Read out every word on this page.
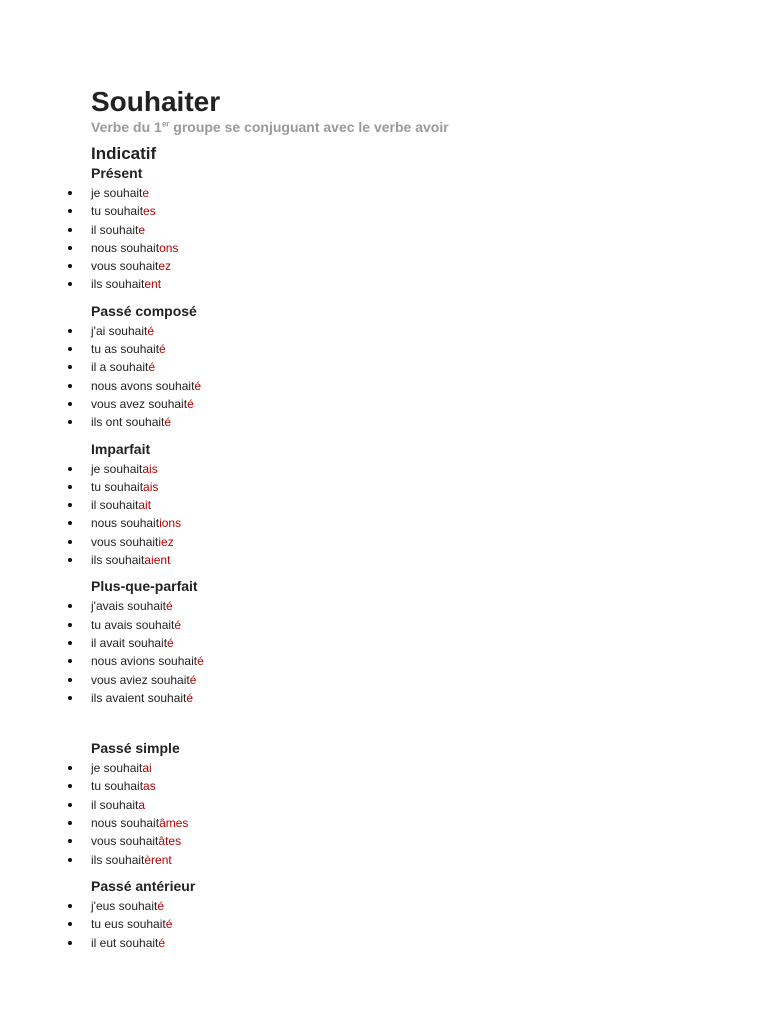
Souhaiter

Verbe du 1er groupe se conjuguant avec le verbe avoir

Indicatif
Présent
je souhaite
tu souhaites
il souhaite
nous souhaitons
vous souhaitez
ils souhaitent
Passé composé
j'ai souhaité
tu as souhaité
il a souhaité
nous avons souhaité
vous avez souhaité
ils ont souhaité
Imparfait
je souhaitais
tu souhaitais
il souhaitait
nous souhaitions
vous souhaitiez
ils souhaitaient
Plus-que-parfait
j'avais souhaité
tu avais souhaité
il avait souhaité
nous avions souhaité
vous aviez souhaité
ils avaient souhaité
Passé simple
je souhaitai
tu souhaitas
il souhaita
nous souhaitâmes
vous souhaitâtes
ils souhaitèrent
Passé antérieur
j'eus souhaité
tu eus souhaité
il eut souhaité
